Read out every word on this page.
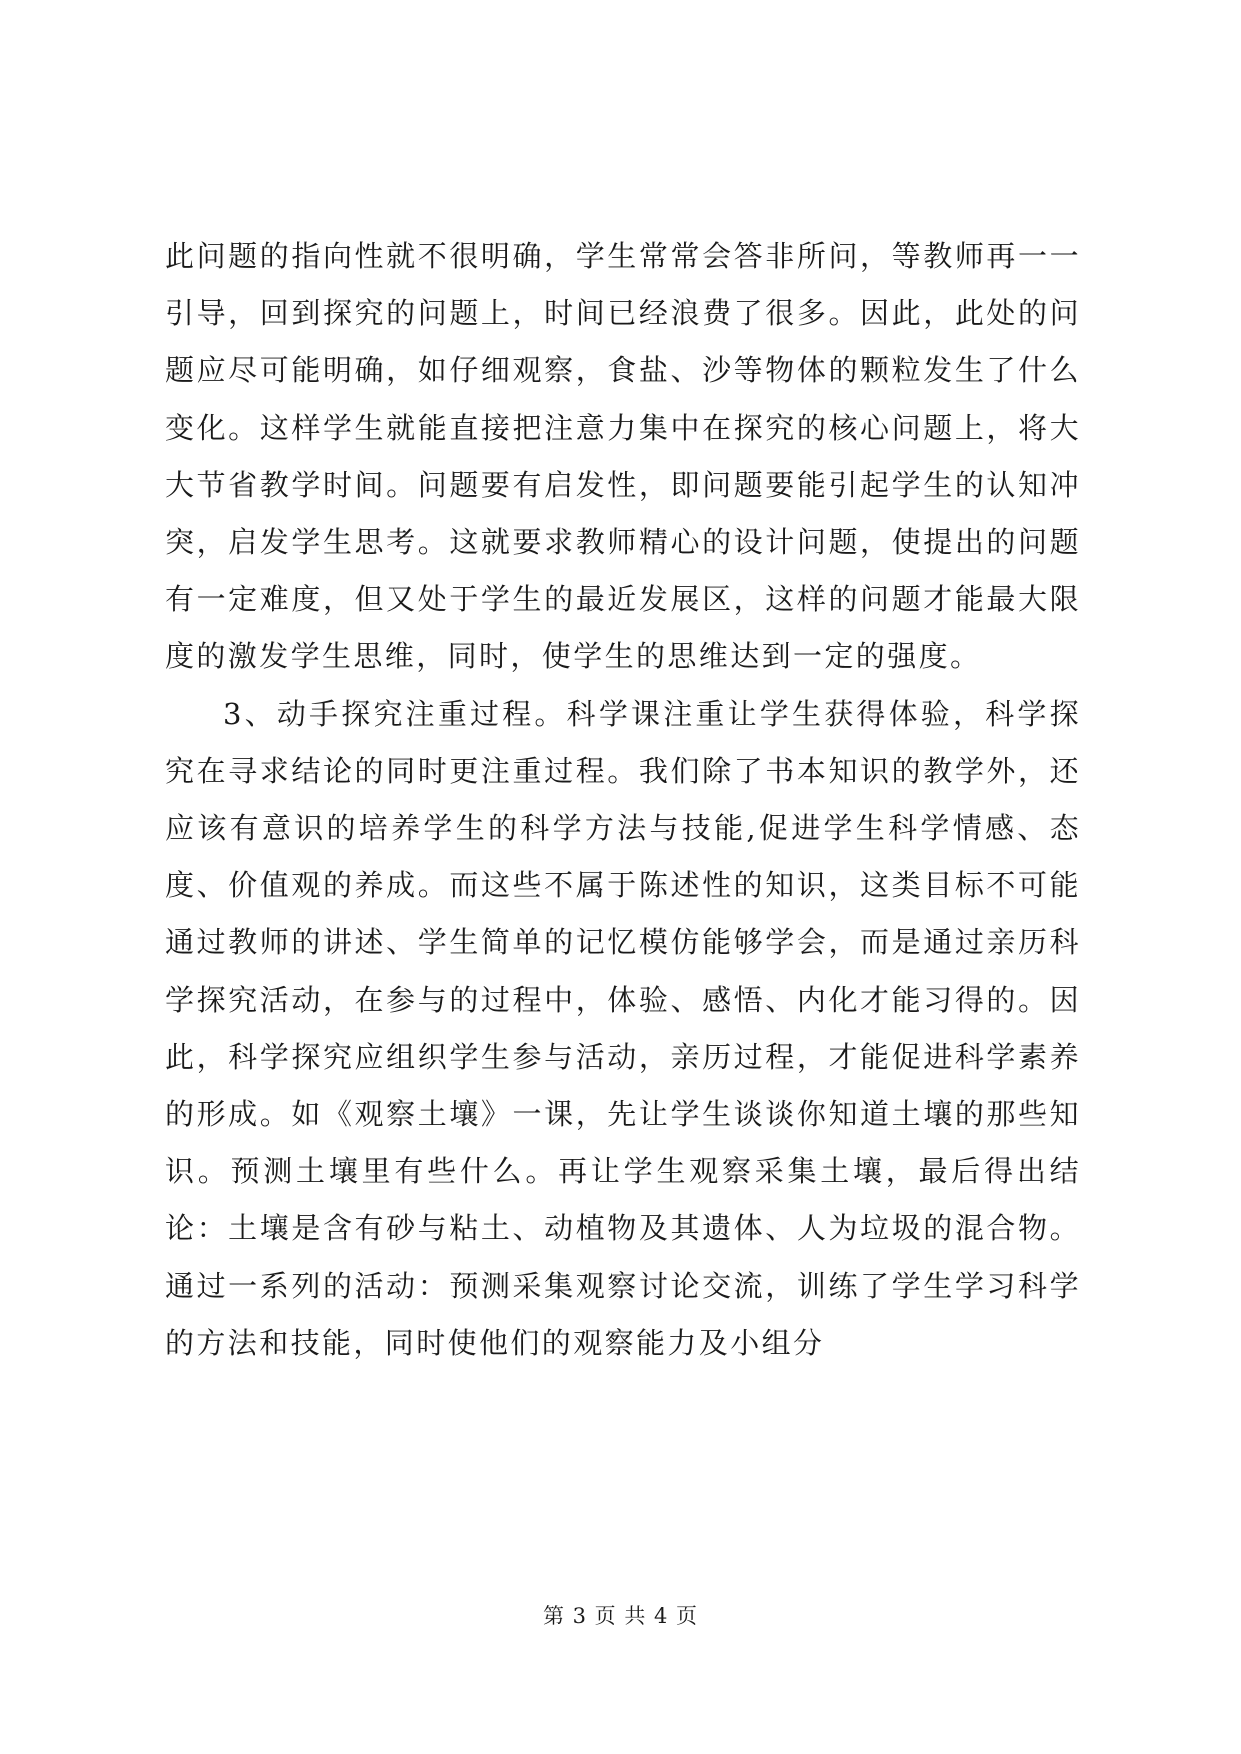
此问题的指向性就不很明确，学生常常会答非所问，等教师再一一引导，回到探究的问题上，时间已经浪费了很多。因此，此处的问题应尽可能明确，如仔细观察，食盐、沙等物体的颗粒发生了什么变化。这样学生就能直接把注意力集中在探究的核心问题上，将大大节省教学时间。问题要有启发性，即问题要能引起学生的认知冲突，启发学生思考。这就要求教师精心的设计问题，使提出的问题有一定难度，但又处于学生的最近发展区，这样的问题才能最大限度的激发学生思维，同时，使学生的思维达到一定的强度。

3、动手探究注重过程。科学课注重让学生获得体验，科学探究在寻求结论的同时更注重过程。我们除了书本知识的教学外，还应该有意识的培养学生的科学方法与技能,促进学生科学情感、态度、价值观的养成。而这些不属于陈述性的知识，这类目标不可能通过教师的讲述、学生简单的记忆模仿能够学会，而是通过亲历科学探究活动，在参与的过程中，体验、感悟、内化才能习得的。因此，科学探究应组织学生参与活动，亲历过程，才能促进科学素养的形成。如《观察土壤》一课，先让学生谈谈你知道土壤的那些知识。预测土壤里有些什么。再让学生观察采集土壤，最后得出结论：土壤是含有砂与粘土、动植物及其遗体、人为垃圾的混合物。通过一系列的活动：预测采集观察讨论交流，训练了学生学习科学的方法和技能，同时使他们的观察能力及小组分

第 3 页 共 4 页
